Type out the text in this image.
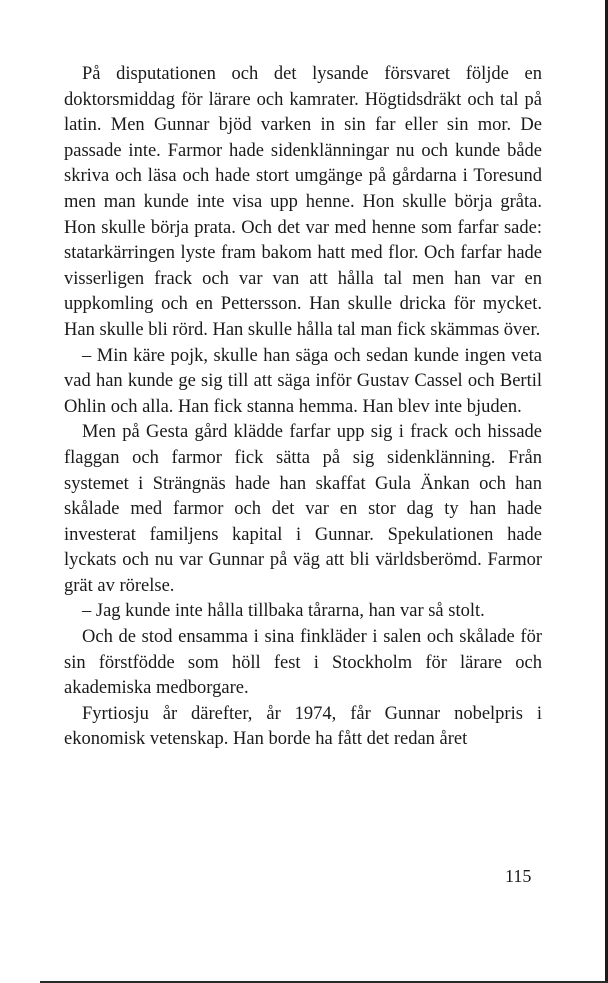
På disputationen och det lysande försvaret följde en doktorsmiddag för lärare och kamrater. Högtidsdräkt och tal på latin. Men Gunnar bjöd varken in sin far eller sin mor. De passade inte. Farmor hade sidenklänningar nu och kunde både skriva och läsa och hade stort umgänge på gårdarna i Toresund men man kunde inte visa upp henne. Hon skulle börja gråta. Hon skulle börja prata. Och det var med henne som farfar sade: statarkärringen lyste fram bakom hatt med flor. Och farfar hade visserligen frack och var van att hålla tal men han var en uppkomling och en Pettersson. Han skulle dricka för mycket. Han skulle bli rörd. Han skulle hålla tal man fick skämmas över.

– Min käre pojk, skulle han säga och sedan kunde ingen veta vad han kunde ge sig till att säga inför Gustav Cassel och Bertil Ohlin och alla. Han fick stanna hemma. Han blev inte bjuden.

Men på Gesta gård klädde farfar upp sig i frack och hissade flaggan och farmor fick sätta på sig sidenklänning. Från systemet i Strängnäs hade han skaffat Gula Änkan och han skålade med farmor och det var en stor dag ty han hade investerat familjens kapital i Gunnar. Spekulationen hade lyckats och nu var Gunnar på väg att bli världsberömd. Farmor grät av rörelse.

– Jag kunde inte hålla tillbaka tårarna, han var så stolt.

Och de stod ensamma i sina finkläder i salen och skålade för sin förstfödde som höll fest i Stockholm för lärare och akademiska medborgare.

Fyrtiosju år därefter, år 1974, får Gunnar nobelpris i ekonomisk vetenskap. Han borde ha fått det redan året

115
